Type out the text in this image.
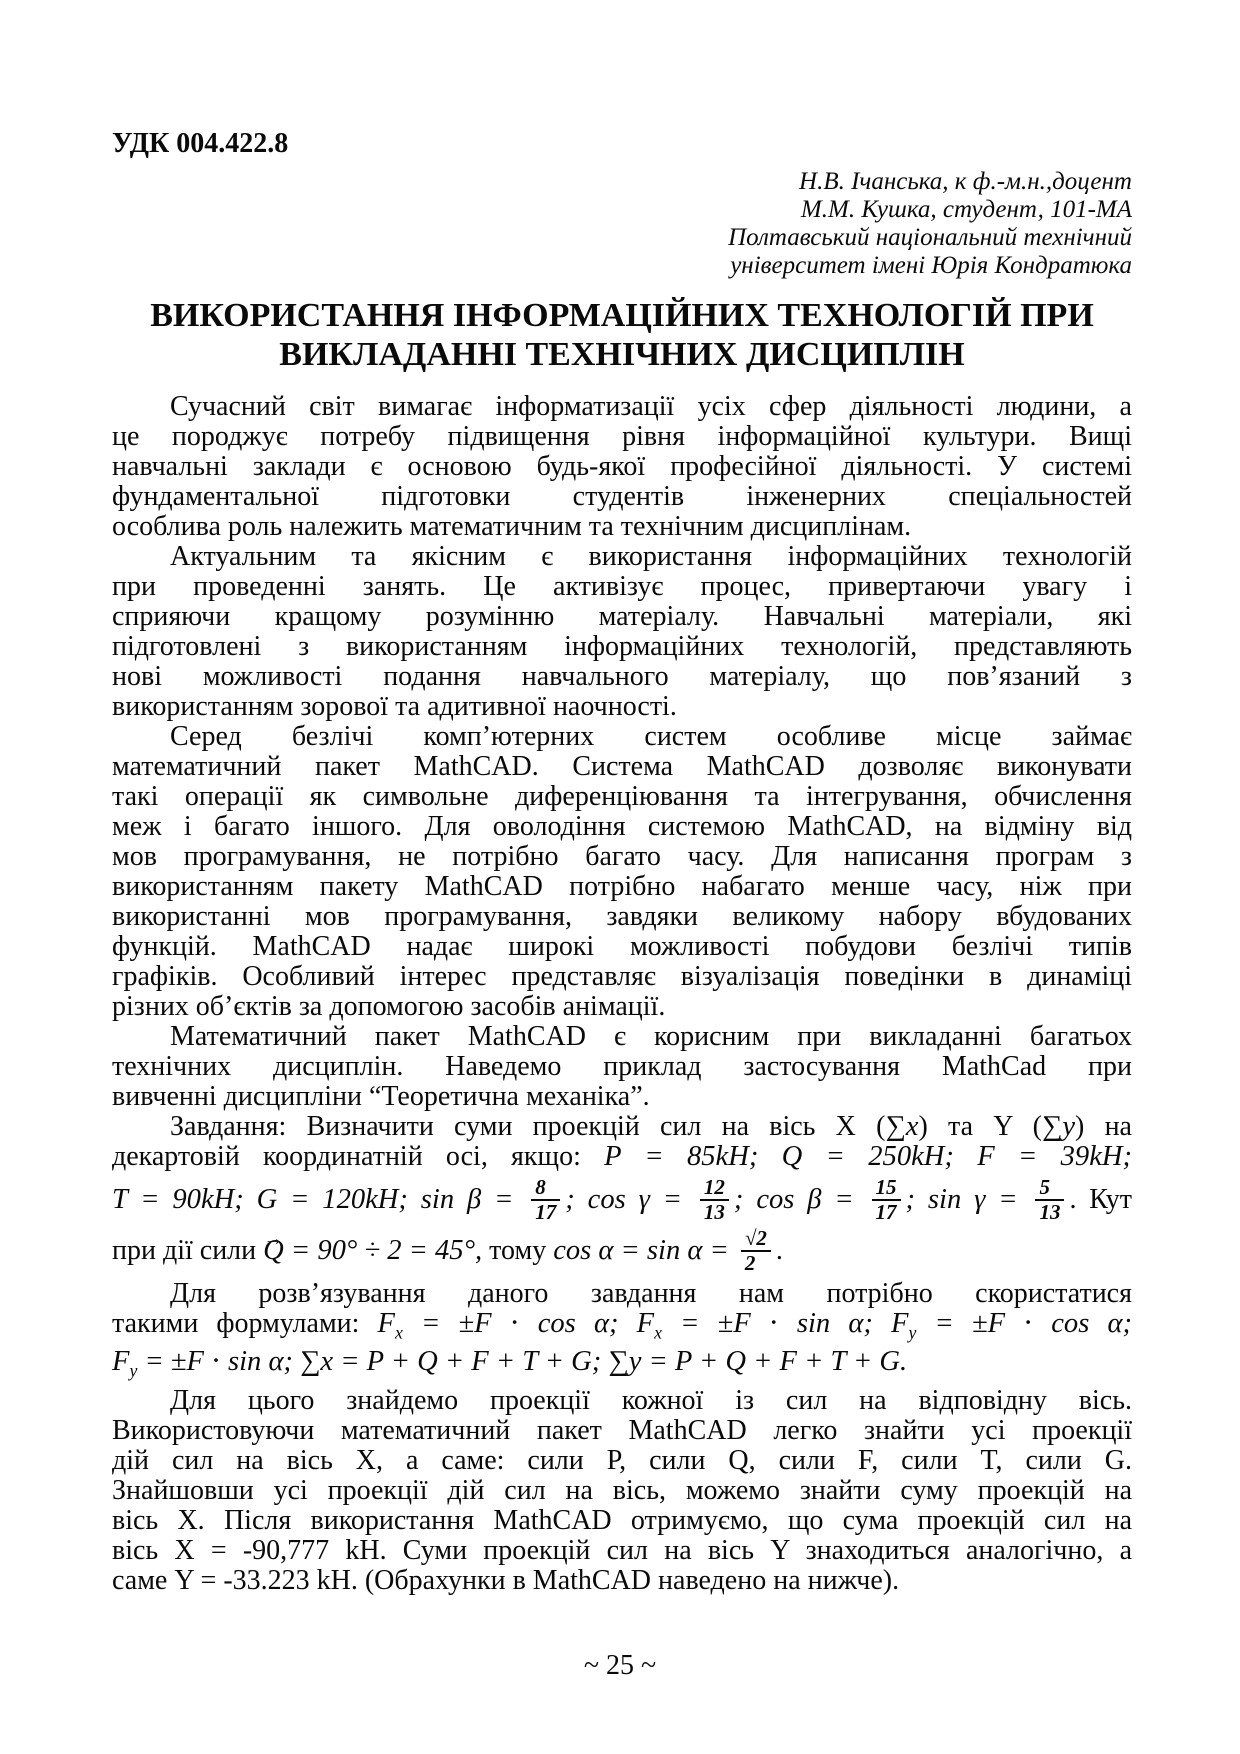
УДК 004.422.8
Н.В. Ічанська, к ф.-м.н.,доцент
М.М. Кушка, студент, 101-МА
Полтавський національний технічний
університет імені Юрія Кондратюка
ВИКОРИСТАННЯ ІНФОРМАЦІЙНИХ ТЕХНОЛОГІЙ ПРИ
ВИКЛАДАННІ ТЕХНІЧНИХ ДИСЦИПЛІН
Сучасний світ вимагає інформатизації усіх сфер діяльності людини, а
це породжує потребу підвищення рівня інформаційної культури. Вищі
навчальні заклади є основою будь-якої професійної діяльності. У системі
фундаментальної підготовки студентів інженерних спеціальностей
особлива роль належить математичним та технічним дисциплінам.
Актуальним та якісним є використання інформаційних технологій
при проведенні занять. Це активізує процес, привертаючи увагу і
сприяючи кращому розумінню матеріалу. Навчальні матеріали, які
підготовлені з використанням інформаційних технологій, представляють
нові можливості подання навчального матеріалу, що пов’язаний з
використанням зорової та адитивної наочності.
Серед безлічі комп’ютерних систем особливе місце займає
математичний пакет MathCAD. Система MathCAD дозволяє виконувати
такі операції як символьне диференціювання та інтегрування, обчислення
меж і багато іншого. Для оволодіння системою MathCAD, на відміну від
мов програмування, не потрібно багато часу. Для написання програм з
використанням пакету MathCAD потрібно набагато менше часу, ніж при
використанні мов програмування, завдяки великому набору вбудованих
функцій. MathCAD надає широкі можливості побудови безлічі типів
графіків. Особливий інтерес представляє візуалізація поведінки в динаміці
різних об’єктів за допомогою засобів анімації.
Математичний пакет MathCAD є корисним при викладанні багатьох
технічних дисциплін. Наведемо приклад застосування MathCad при
вивченні дисципліни “Теоретична механіка”.
Завдання: Визначити суми проекцій сил на вісь X (∑x) та Y (∑y) на
декартовій координатній осі, якщо: P = 85kH; Q = 250kH; F = 39kH;
T = 90kH; G = 120kH; $\sin \beta = \frac{8}{17}$ ; $\cos \gamma = \frac{12}{13}$ ; $\cos \beta = \frac{15}{17}$ ; $\sin \gamma = \frac{5}{13}$ . Кут
при дії сили Q → = 90° ÷ 2 = 45°, тому $\cos \alpha = \sin \alpha = \frac{√2}{2}$ .
Для розв’язування даного завдання нам потрібно скористатися
такими формулами: $F_x = \pm F \cdot \cos \alpha$; $F_x = \pm F \cdot \sin \alpha$; $F_y = \pm F \cdot \cos \alpha$;
$F_y = \pm F \cdot \sin \alpha$; ∑x = P + Q + F + T + G; ∑y = P + Q + F + T + G.
Для цього знайдемо проекції кожної із сил на відповідну вісь.
Використовуючи математичний пакет MathCAD легко знайти усі проекції
дій сил на вісь X, а саме: сили P, сили Q, сили F, сили T, сили G.
Знайшовши усі проекції дій сил на вісь, можемо знайти суму проекцій на
вісь X. Після використання MathCAD отримуємо, що сума проекцій сил на
вісь X = -90,777 kH. Суми проекцій сил на вісь Y знаходиться аналогічно, а
саме Y = -33.223 kH. (Обрахунки в MathCAD наведено на нижче).
~ 25 ~
